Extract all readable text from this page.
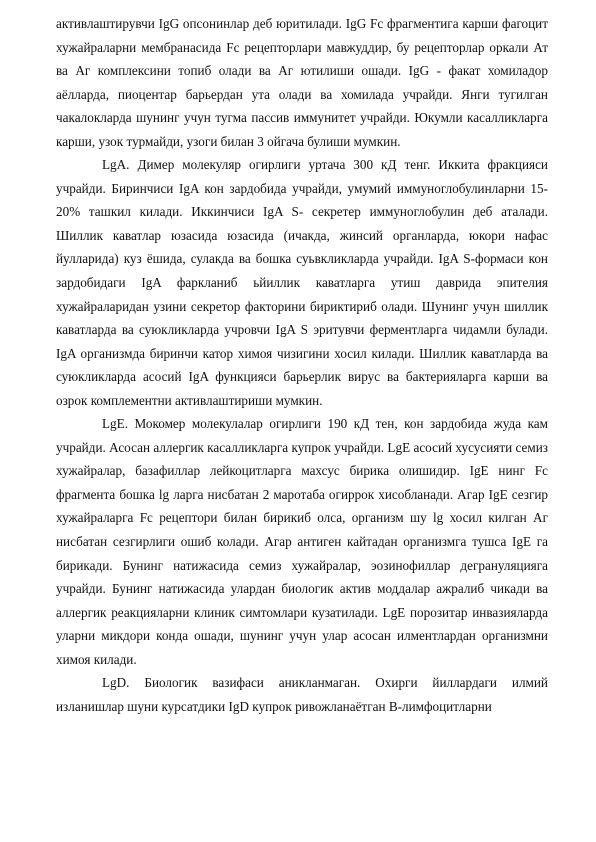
активлаштирувчи IgG опсонинлар деб юритилади. IgG Fc фрагментига карши фагоцит хужайраларни мембранасида Fc рецепторлари мавжуддир, бу рецепторлар оркали Ат ва Аг комплексини топиб олади ва Аг ютилиши ошади. IgG - факат хомиладор аёлларда, пиоцентар барьердан ута олади ва хомилада учрайди. Янги тугилган чакалокларда шунинг учун тугма пассив иммунитет учрайди. Юкумли касалликларга карши, узок турмайди, узоги билан 3 ойгача булиши мумкин.

LgA. Димер молекуляр огирлиги уртача 300 кД тенг. Иккита фракцияси учрайди. Биринчиси IgA кон зардобида учрайди, умумий иммуноглобулинларни 15-20% ташкил килади. Иккинчиси IgA S- секретер иммуноглобулин деб аталади. Шиллик каватлар юзасида юзасида (ичакда, жинсий органларда, юкори нафас йулларида) куз ёшида, сулакда ва бошка суьвкликларда учрайди. IgA S-формаси кон зардобидаги IgA фаркланиб ьйиллик каватларга утиш даврида эпителия хужайраларидан узини секретор факторини бириктириб олади. Шунинг учун шиллик каватларда ва суюкликларда учровчи IgA S эритувчи ферментларга чидамли булади. IgA организмда биринчи катор химоя чизигини хосил килади. Шиллик каватларда ва суюкликларда асосий IgA функцияси барьерлик вирус ва бактерияларга карши ва озрок комплементни активлаштириши мумкин.

LgE. Мокомер молекулалар огирлиги 190 кД тен, кон зардобида жуда кам учрайди. Асосан аллергик касалликларга купрок учрайди. LgE асосий хусусияти семиз хужайралар, базафиллар лейкоцитларга махсус бирика олишидир. IgE нинг Fc фрагмента бошка lg ларга нисбатан 2 маротаба огиррок хисобланади. Агар IgE сезгир хужайраларга Fc рецептори билан бирикиб олса, организм шу lg хосил килган Аг нисбатан сезгирлиги ошиб колади. Агар антиген кайтадан организмга тушса IgE га бирикади. Бунинг натижасида семиз хужайралар, эозинофиллар дегрануляцияга учрайди. Бунинг натижасида улардан биологик актив моддалар ажралиб чикади ва аллергик реакцияларни клиник симтомлари кузатилади. LgE порозитар инвазияларда уларни микдори конда ошади, шунинг учун улар асосан илментлардан организмни химоя килади.

LgD. Биологик вазифаси аникланмаган. Охирги йиллардаги илмий изланишлар шуни курсатдики IgD купрок ривожланаётган В-лимфоцитларни
